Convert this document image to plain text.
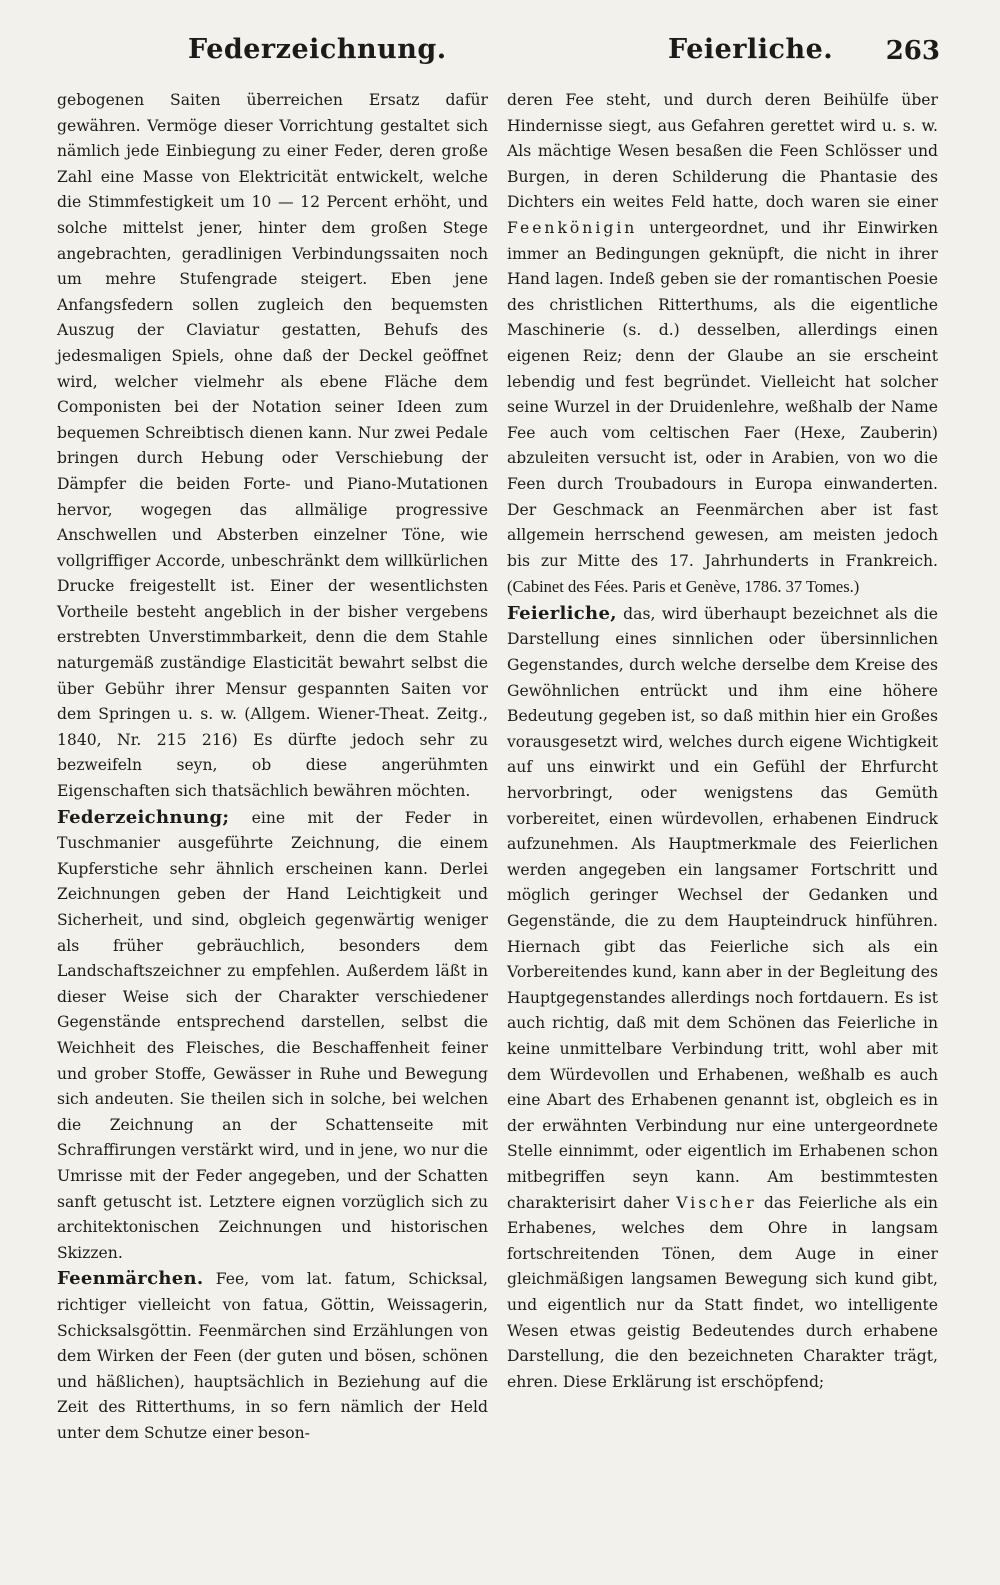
Federzeichnung.	Feierliche. 263

gebogenen Saiten überreichen Ersatz dafür gewähren. Vermöge dieser Vorrichtung gestaltet sich nämlich jede Einbiegung zu einer Feder, deren große Zahl eine Masse von Elektricität entwickelt, welche die Stimmfestigkeit um 10 — 12 Percent erhöht, und solche mittelst jener, hinter dem großen Stege angebrachten, geradlinigen Verbindungssaiten noch um mehre Stufengrade steigert. Eben jene Anfangsfedern sollen zugleich den bequemsten Auszug der Claviatur gestatten, Behufs des jedesmaligen Spiels, ohne daß der Deckel geöffnet wird, welcher vielmehr als ebene Fläche dem Componisten bei der Notation seiner Ideen zum bequemen Schreibtisch dienen kann. Nur zwei Pedale bringen durch Hebung oder Verschiebung der Dämpfer die beiden Forte- und Piano-Mutationen hervor, wogegen das allmälige progressive Anschwellen und Absterben einzelner Töne, wie vollgriffiger Accorde, unbeschränkt dem willkürlichen Drucke freigestellt ist. Einer der wesentlichsten Vortheile besteht angeblich in der bisher vergebens erstrebten Unverstimmbarkeit, denn die dem Stahle naturgemäß zuständige Elasticität bewahrt selbst die über Gebühr ihrer Mensur gespannten Saiten vor dem Springen u. s. w. (Allgem. Wiener-Theat. Zeitg., 1840, Nr. 215 216) Es dürfte jedoch sehr zu bezweifeln seyn, ob diese angerühmten Eigenschaften sich thatsächlich bewähren möchten.

Federzeichnung; eine mit der Feder in Tuschmanier ausgeführte Zeichnung, die einem Kupferstiche sehr ähnlich erscheinen kann. Derlei Zeichnungen geben der Hand Leichtigkeit und Sicherheit, und sind, obgleich gegenwärtig weniger als früher gebräuchlich, besonders dem Landschaftszeichner zu empfehlen. Außerdem läßt in dieser Weise sich der Charakter verschiedener Gegenstände entsprechend darstellen, selbst die Weichheit des Fleisches, die Beschaffenheit feiner und grober Stoffe, Gewässer in Ruhe und Bewegung sich andeuten. Sie theilen sich in solche, bei welchen die Zeichnung an der Schattenseite mit Schraffirungen verstärkt wird, und in jene, wo nur die Umrisse mit der Feder angegeben, und der Schatten sanft getuscht ist. Letztere eignen vorzüglich sich zu architektonischen Zeichnungen und historischen Skizzen.

Feenmärchen. Fee, vom lat. fatum, Schicksal, richtiger vielleicht von fatua, Göttin, Weissagerin, Schicksalsgöttin. Feenmärchen sind Erzählungen von dem Wirken der Feen (der guten und bösen, schönen und häßlichen), hauptsächlich in Beziehung auf die Zeit des Ritterthums, in so fern nämlich der Held unter dem Schutze einer beson-

deren Fee steht, und durch deren Beihülfe über Hindernisse siegt, aus Gefahren gerettet wird u. s. w. Als mächtige Wesen besaßen die Feen Schlösser und Burgen, in deren Schilderung die Phantasie des Dichters ein weites Feld hatte, doch waren sie einer Feenkönigin untergeordnet, und ihr Einwirken immer an Bedingungen geknüpft, die nicht in ihrer Hand lagen. Indeß geben sie der romantischen Poesie des christlichen Ritterthums, als die eigentliche Maschinerie (s. d.) desselben, allerdings einen eigenen Reiz; denn der Glaube an sie erscheint lebendig und fest begründet. Vielleicht hat solcher seine Wurzel in der Druidenlehre, weßhalb der Name Fee auch vom celtischen Faer (Hexe, Zauberin) abzuleiten versucht ist, oder in Arabien, von wo die Feen durch Troubadours in Europa einwanderten. Der Geschmack an Feenmärchen aber ist fast allgemein herrschend gewesen, am meisten jedoch bis zur Mitte des 17. Jahrhunderts in Frankreich. (Cabinet des Fées. Paris et Genève, 1786. 37 Tomes.)

Feierliche, das, wird überhaupt bezeichnet als die Darstellung eines sinnlichen oder übersinnlichen Gegenstandes, durch welche derselbe dem Kreise des Gewöhnlichen entrückt und ihm eine höhere Bedeutung gegeben ist, so daß mithin hier ein Großes vorausgesetzt wird, welches durch eigene Wichtigkeit auf uns einwirkt und ein Gefühl der Ehrfurcht hervorbringt, oder wenigstens das Gemüth vorbereitet, einen würdevollen, erhabenen Eindruck aufzunehmen. Als Hauptmerkmale des Feierlichen werden angegeben ein langsamer Fortschritt und möglich geringer Wechsel der Gedanken und Gegenstände, die zu dem Haupteindruck hinführen. Hiernach gibt das Feierliche sich als ein Vorbereitendes kund, kann aber in der Begleitung des Hauptgegenstandes allerdings noch fortdauern. Es ist auch richtig, daß mit dem Schönen das Feierliche in keine unmittelbare Verbindung tritt, wohl aber mit dem Würdevollen und Erhabenen, weßhalb es auch eine Abart des Erhabenen genannt ist, obgleich es in der erwähnten Verbindung nur eine untergeordnete Stelle einnimmt, oder eigentlich im Erhabenen schon mitbegriffen seyn kann. Am bestimmtesten charakterisirt daher Vischer das Feierliche als ein Erhabenes, welches dem Ohre in langsam fortschreitenden Tönen, dem Auge in einer gleichmäßigen langsamen Bewegung sich kund gibt, und eigentlich nur da Statt findet, wo intelligente Wesen etwas geistig Bedeutendes durch erhabene Darstellung, die den bezeichneten Charakter trägt, ehren. Diese Erklärung ist erschöpfend;
